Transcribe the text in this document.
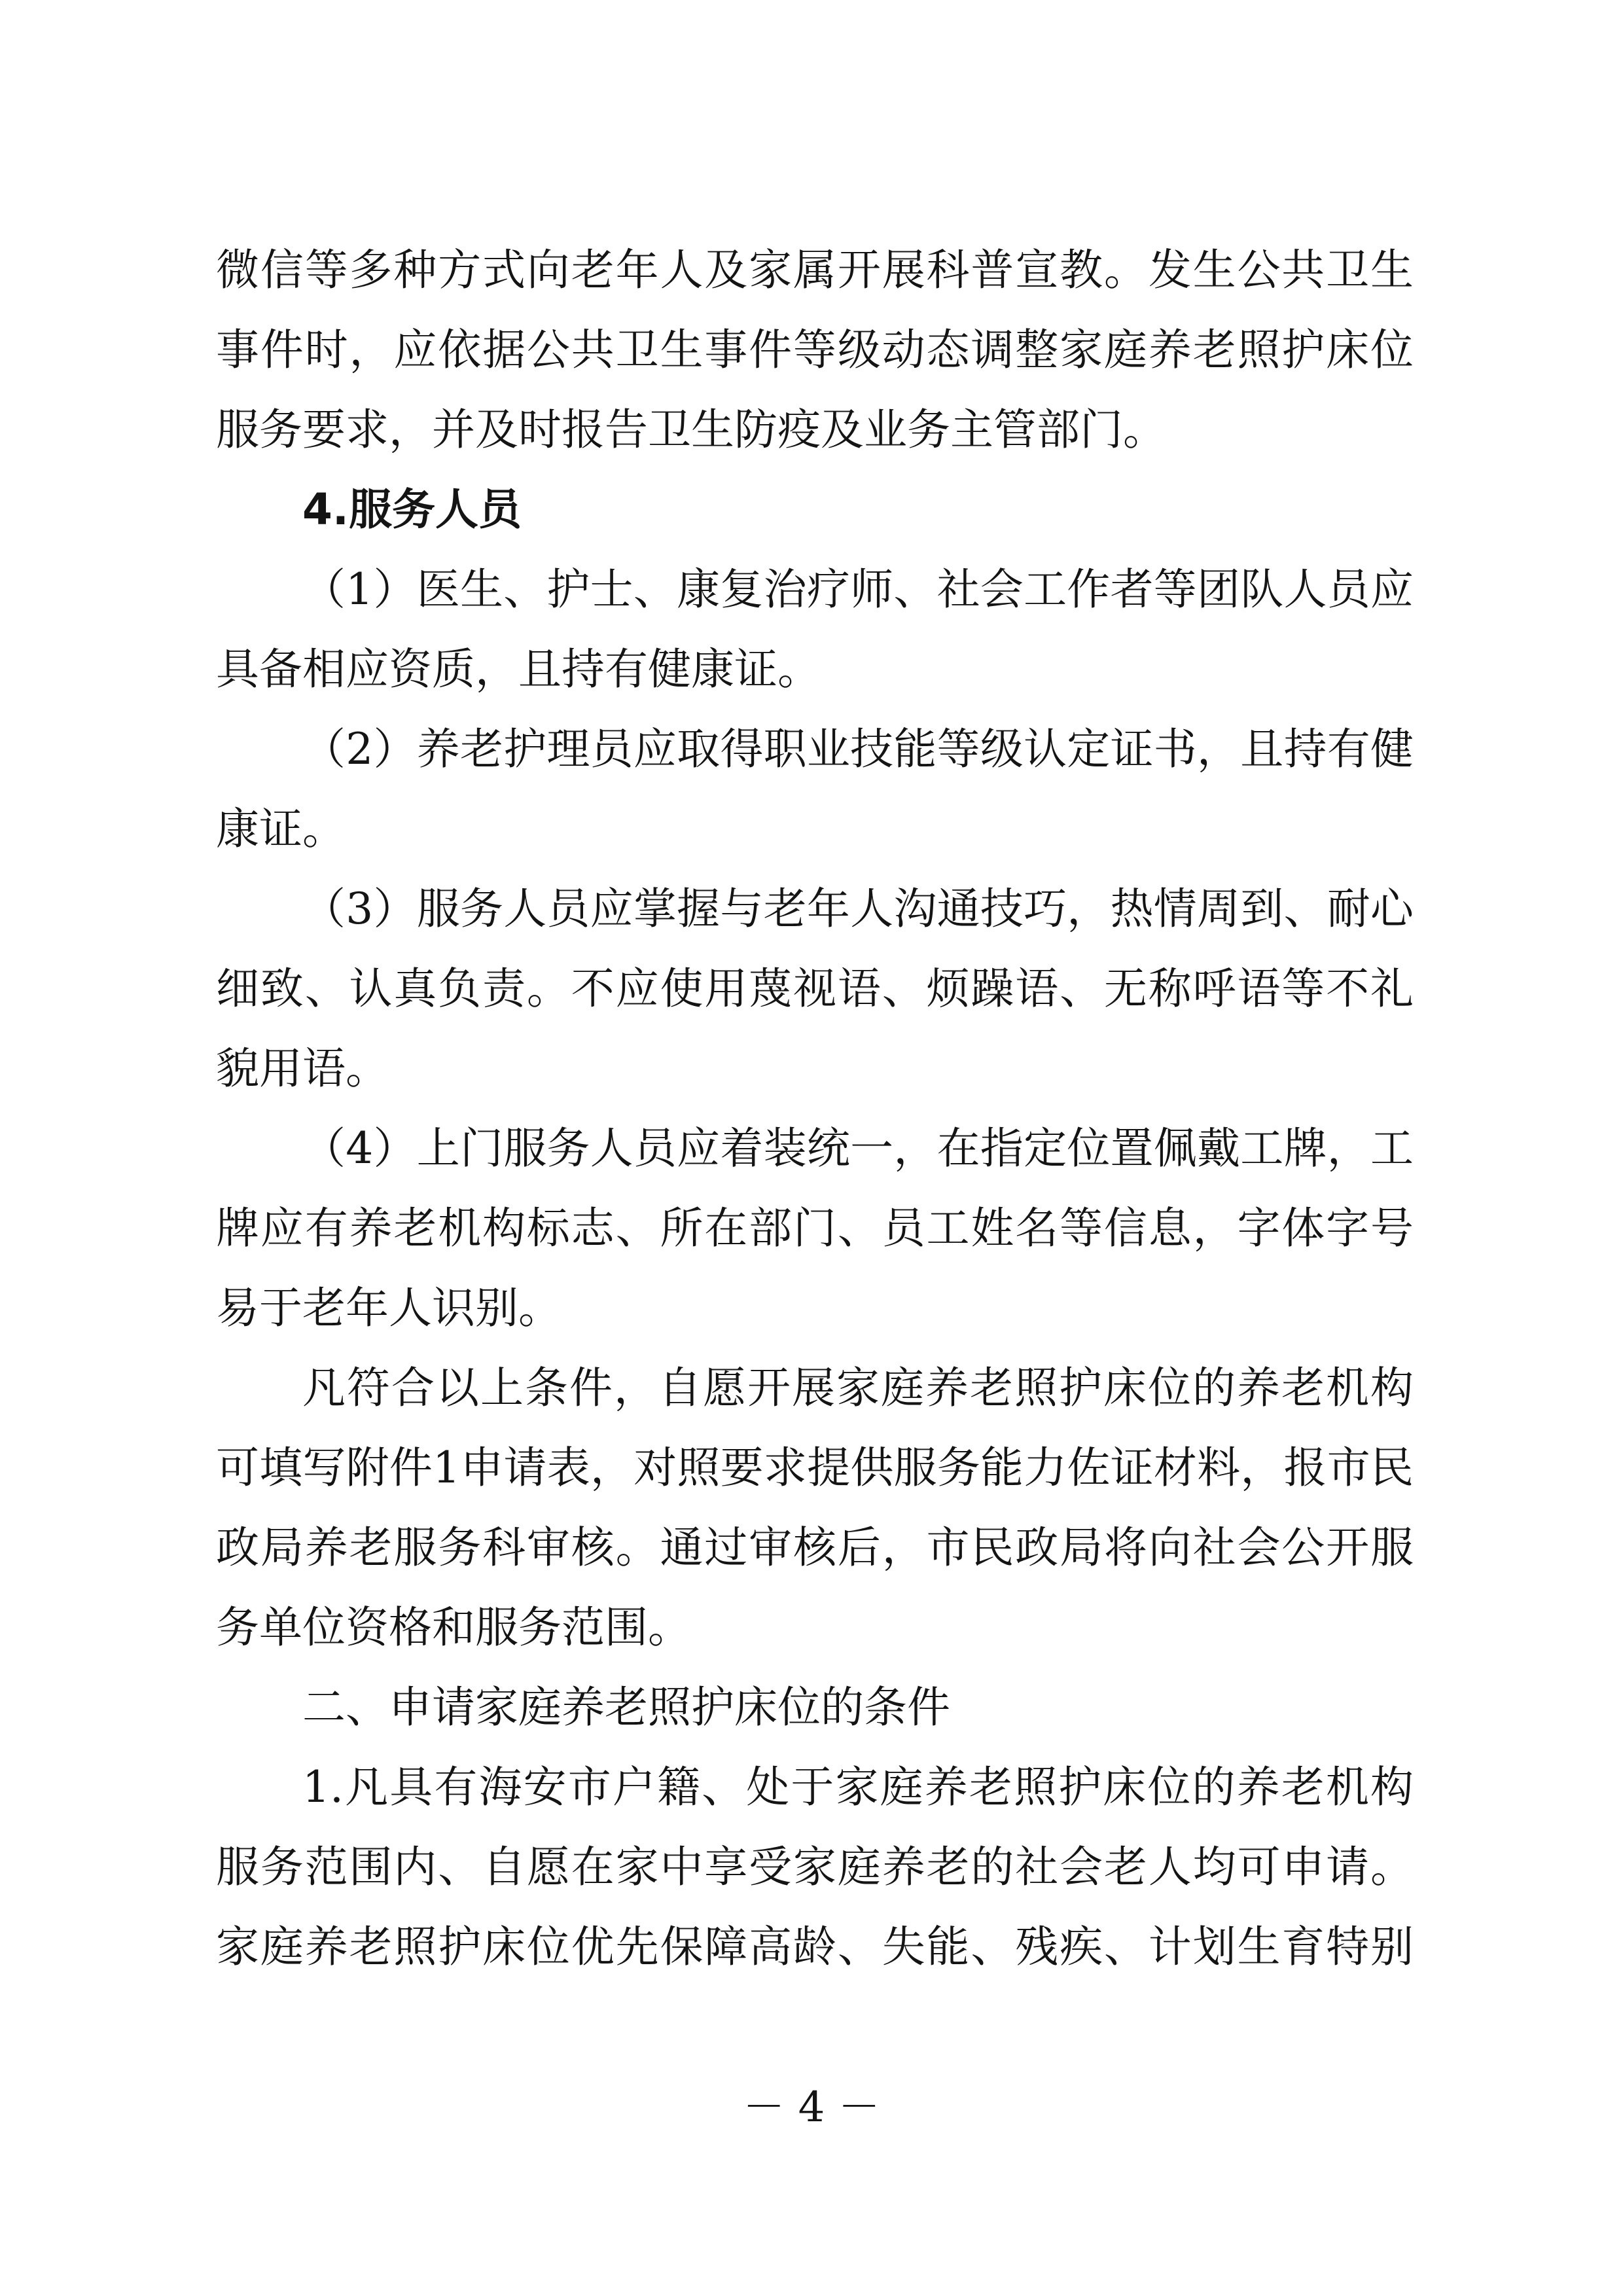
微信等多种方式向老年人及家属开展科普宣教。发生公共卫生
事件时，应依据公共卫生事件等级动态调整家庭养老照护床位
服务要求，并及时报告卫生防疫及业务主管部门。
4.服务人员
（1）医生、护士、康复治疗师、社会工作者等团队人员应
具备相应资质，且持有健康证。
（2）养老护理员应取得职业技能等级认定证书，且持有健
康证。
（3）服务人员应掌握与老年人沟通技巧，热情周到、耐心
细致、认真负责。不应使用蔑视语、烦躁语、无称呼语等不礼
貌用语。
（4）上门服务人员应着装统一，在指定位置佩戴工牌，工
牌应有养老机构标志、所在部门、员工姓名等信息，字体字号
易于老年人识别。
凡符合以上条件，自愿开展家庭养老照护床位的养老机构
可填写附件1申请表，对照要求提供服务能力佐证材料，报市民
政局养老服务科审核。通过审核后，市民政局将向社会公开服
务单位资格和服务范围。
二、申请家庭养老照护床位的条件
1.凡具有海安市户籍、处于家庭养老照护床位的养老机构
服务范围内、自愿在家中享受家庭养老的社会老人均可申请。
家庭养老照护床位优先保障高龄、失能、残疾、计划生育特别
－ 4 －
